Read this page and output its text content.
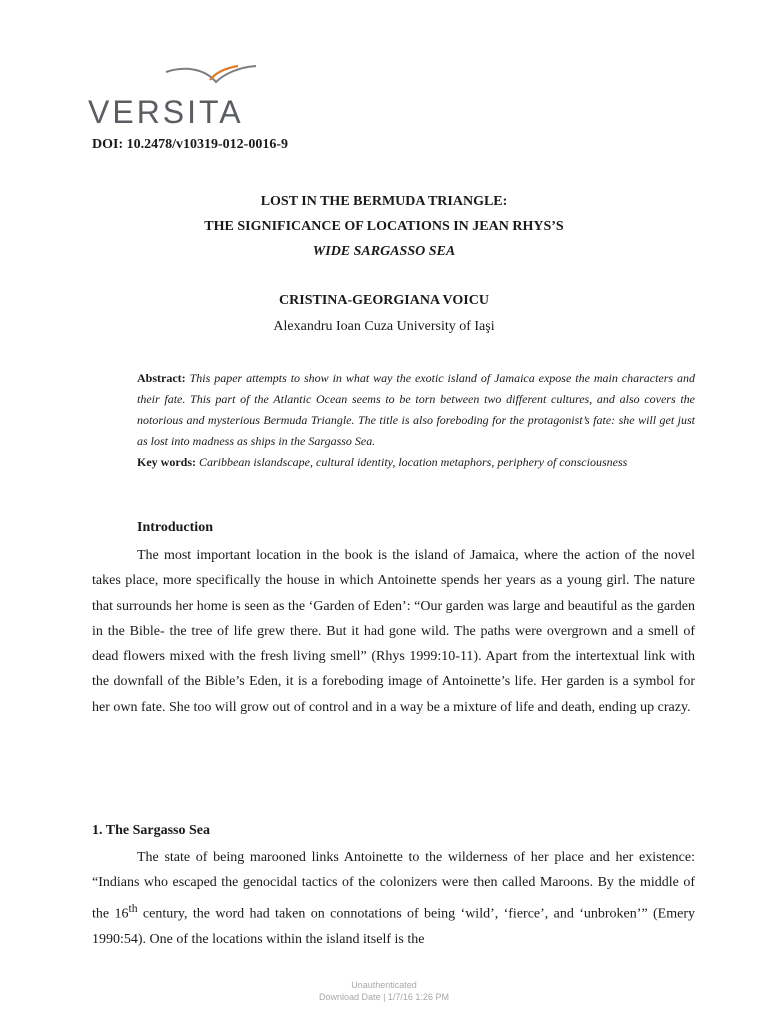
VERSITA
DOI: 10.2478/v10319-012-0016-9
LOST IN THE BERMUDA TRIANGLE:
THE SIGNIFICANCE OF LOCATIONS IN JEAN RHYS’S
WIDE SARGASSO SEA
CRISTINA-GEORGIANA VOICU
Alexandru Ioan Cuza University of Iaşi
Abstract: This paper attempts to show in what way the exotic island of Jamaica expose the main characters and their fate. This part of the Atlantic Ocean seems to be torn between two different cultures, and also covers the notorious and mysterious Bermuda Triangle. The title is also foreboding for the protagonist’s fate: she will get just as lost into madness as ships in the Sargasso Sea.
Key words: Caribbean islandscape, cultural identity, location metaphors, periphery of consciousness
Introduction
The most important location in the book is the island of Jamaica, where the action of the novel takes place, more specifically the house in which Antoinette spends her years as a young girl. The nature that surrounds her home is seen as the ‘Garden of Eden’: “Our garden was large and beautiful as the garden in the Bible- the tree of life grew there. But it had gone wild. The paths were overgrown and a smell of dead flowers mixed with the fresh living smell” (Rhys 1999:10-11). Apart from the intertextual link with the downfall of the Bible’s Eden, it is a foreboding image of Antoinette’s life. Her garden is a symbol for her own fate. She too will grow out of control and in a way be a mixture of life and death, ending up crazy.
1. The Sargasso Sea
The state of being marooned links Antoinette to the wilderness of her place and her existence: “Indians who escaped the genocidal tactics of the colonizers were then called Maroons. By the middle of the 16th century, the word had taken on connotations of being ‘wild’, ‘fierce’, and ‘unbroken’” (Emery 1990:54). One of the locations within the island itself is the
Unauthenticated
Download Date | 1/7/16 1:26 PM
